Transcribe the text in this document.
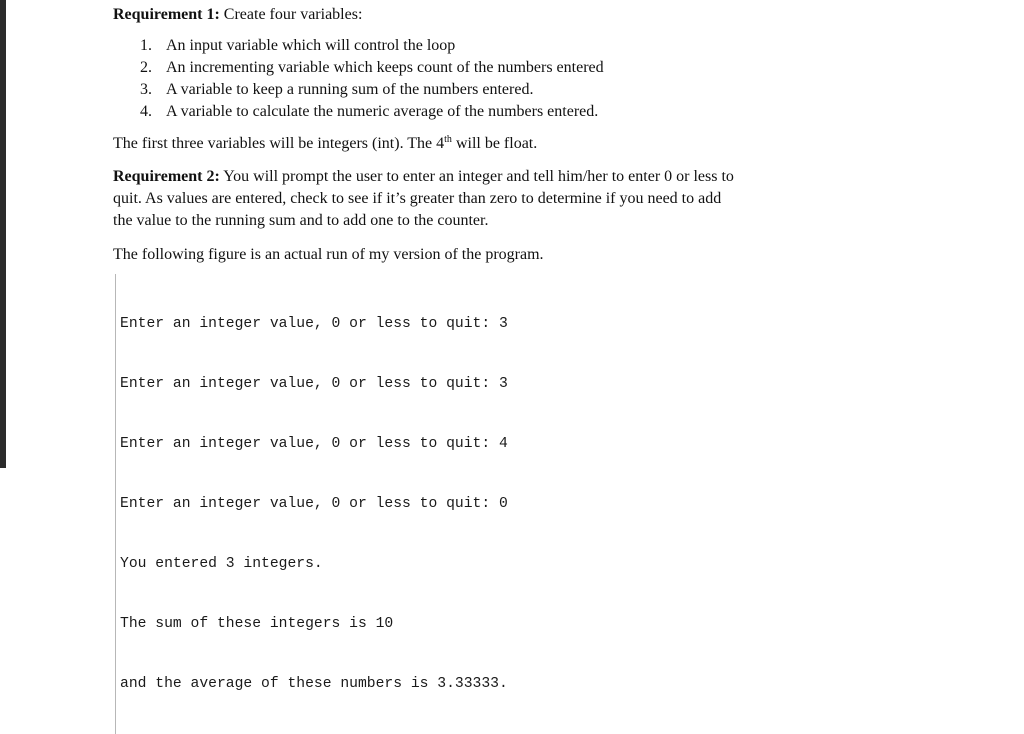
Requirement 1: Create four variables:

1. An input variable which will control the loop
2. An incrementing variable which keeps count of the numbers entered
3. A variable to keep a running sum of the numbers entered.
4. A variable to calculate the numeric average of the numbers entered.

The first three variables will be integers (int). The 4th will be float.

Requirement 2: You will prompt the user to enter an integer and tell him/her to enter 0 or less to
quit. As values are entered, check to see if it’s greater than zero to determine if you need to add
the value to the running sum and to add one to the counter.

The following figure is an actual run of my version of the program.

Enter an integer value, 0 or less to quit: 3

Enter an integer value, 0 or less to quit: 3

Enter an integer value, 0 or less to quit: 4

Enter an integer value, 0 or less to quit: 0

You entered 3 integers.

The sum of these integers is 10

and the average of these numbers is 3.33333.
